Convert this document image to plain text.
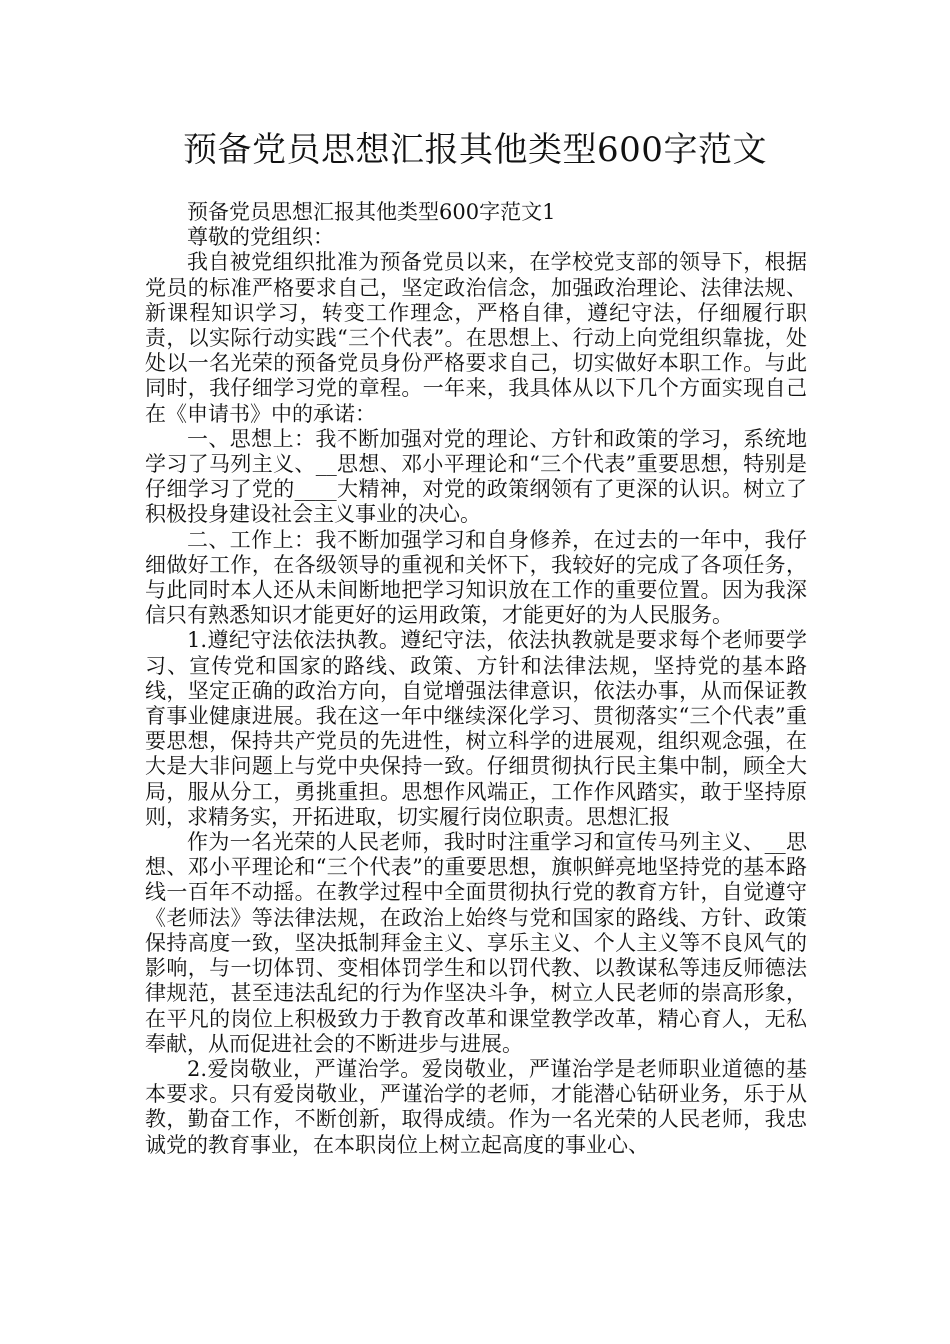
预备党员思想汇报其他类型600字范文

预备党员思想汇报其他类型600字范文1

尊敬的党组织：

我自被党组织批准为预备党员以来，在学校党支部的领导下，根据党员的标准严格要求自己，坚定政治信念，加强政治理论、法律法规、新课程知识学习，转变工作理念，严格自律，遵纪守法，仔细履行职责，以实际行动实践“三个代表”。在思想上、行动上向党组织靠拢，处处以一名光荣的预备党员身份严格要求自己，切实做好本职工作。与此同时，我仔细学习党的章程。一年来，我具体从以下几个方面实现自己在《申请书》中的承诺：

一、思想上：我不断加强对党的理论、方针和政策的学习，系统地学习了马列主义、__思想、邓小平理论和“三个代表”重要思想，特别是仔细学习了党的____大精神，对党的政策纲领有了更深的认识。树立了积极投身建设社会主义事业的决心。

二、工作上：我不断加强学习和自身修养，在过去的一年中，我仔细做好工作，在各级领导的重视和关怀下，我较好的完成了各项任务，与此同时本人还从未间断地把学习知识放在工作的重要位置。因为我深信只有熟悉知识才能更好的运用政策，才能更好的为人民服务。

1.遵纪守法依法执教。遵纪守法，依法执教就是要求每个老师要学习、宣传党和国家的路线、政策、方针和法律法规，坚持党的基本路线，坚定正确的政治方向，自觉增强法律意识，依法办事，从而保证教育事业健康进展。我在这一年中继续深化学习、贯彻落实“三个代表”重要思想，保持共产党员的先进性，树立科学的进展观，组织观念强，在大是大非问题上与党中央保持一致。仔细贯彻执行民主集中制，顾全大局，服从分工，勇挑重担。思想作风端正，工作作风踏实，敢于坚持原则，求精务实，开拓进取，切实履行岗位职责。思想汇报

作为一名光荣的人民老师，我时时注重学习和宣传马列主义、__思想、邓小平理论和“三个代表”的重要思想，旗帜鲜亮地坚持党的基本路线一百年不动摇。在教学过程中全面贯彻执行党的教育方针，自觉遵守《老师法》等法律法规，在政治上始终与党和国家的路线、方针、政策保持高度一致，坚决抵制拜金主义、享乐主义、个人主义等不良风气的影响，与一切体罚、变相体罚学生和以罚代教、以教谋私等违反师德法律规范，甚至违法乱纪的行为作坚决斗争，树立人民老师的崇高形象，在平凡的岗位上积极致力于教育改革和课堂教学改革，精心育人，无私奉献，从而促进社会的不断进步与进展。

2.爱岗敬业，严谨治学。爱岗敬业，严谨治学是老师职业道德的基本要求。只有爱岗敬业，严谨治学的老师，才能潜心钻研业务，乐于从教，勤奋工作，不断创新，取得成绩。作为一名光荣的人民老师，我忠诚党的教育事业，在本职岗位上树立起高度的事业心、
